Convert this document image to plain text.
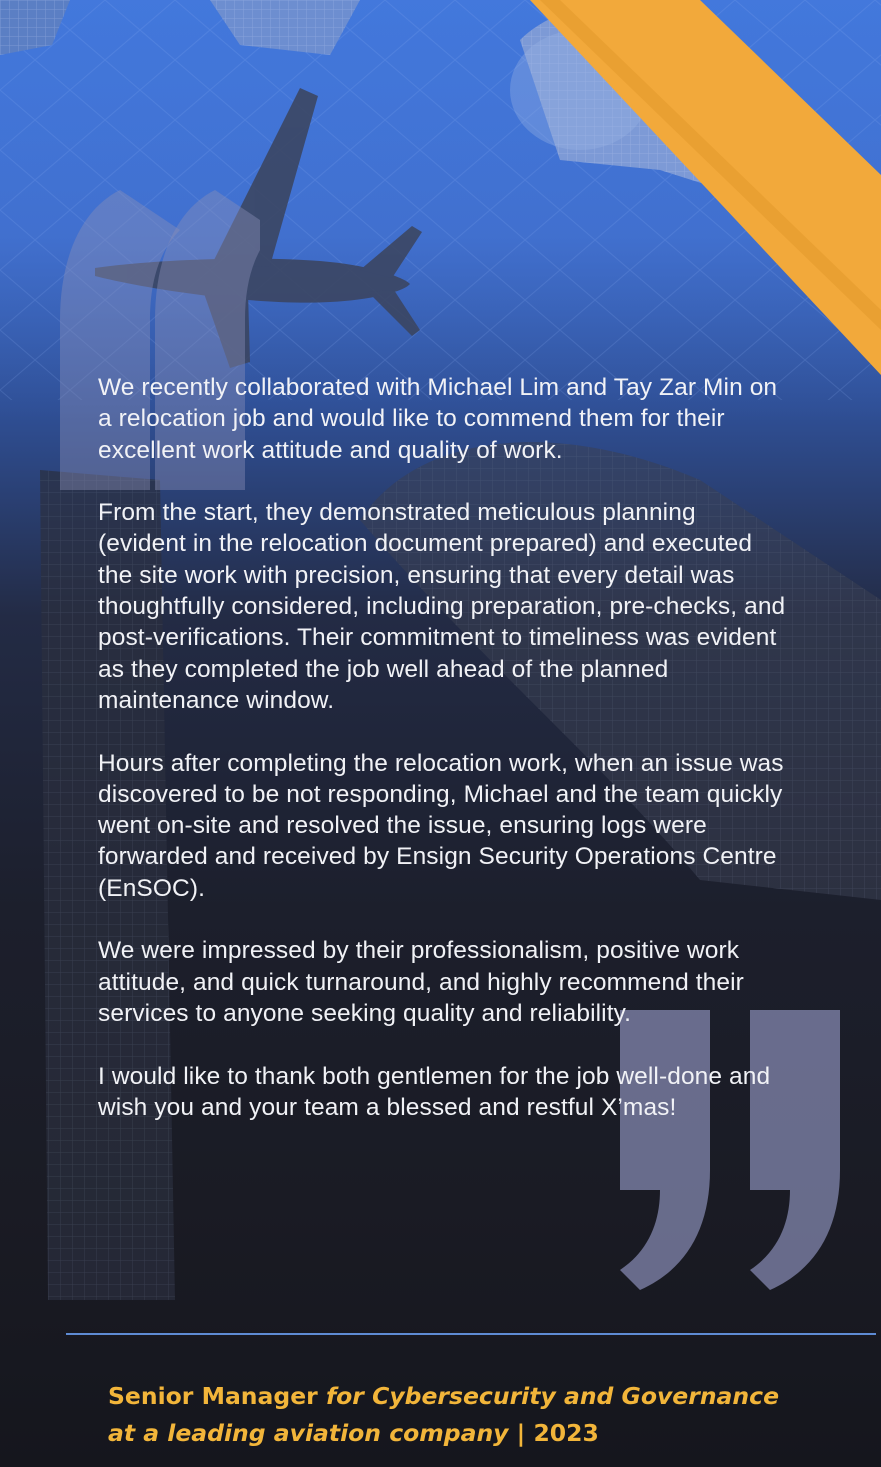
We recently collaborated with Michael Lim and Tay Zar Min on a relocation job and would like to commend them for their excellent work attitude and quality of work.

From the start, they demonstrated meticulous planning (evident in the relocation document prepared) and executed the site work with precision, ensuring that every detail was thoughtfully considered, including preparation, pre-checks, and post-verifications. Their commitment to timeliness was evident as they completed the job well ahead of the planned maintenance window.

Hours after completing the relocation work, when an issue was discovered to be not responding, Michael and the team quickly went on-site and resolved the issue, ensuring logs were forwarded and received by Ensign Security Operations Centre (EnSOC).

We were impressed by their professionalism, positive work attitude, and quick turnaround, and highly recommend their services to anyone seeking quality and reliability.

I would like to thank both gentlemen for the job well-done and wish you and your team a blessed and restful X’mas!

Senior Manager for Cybersecurity and Governance
at a leading aviation company | 2023
